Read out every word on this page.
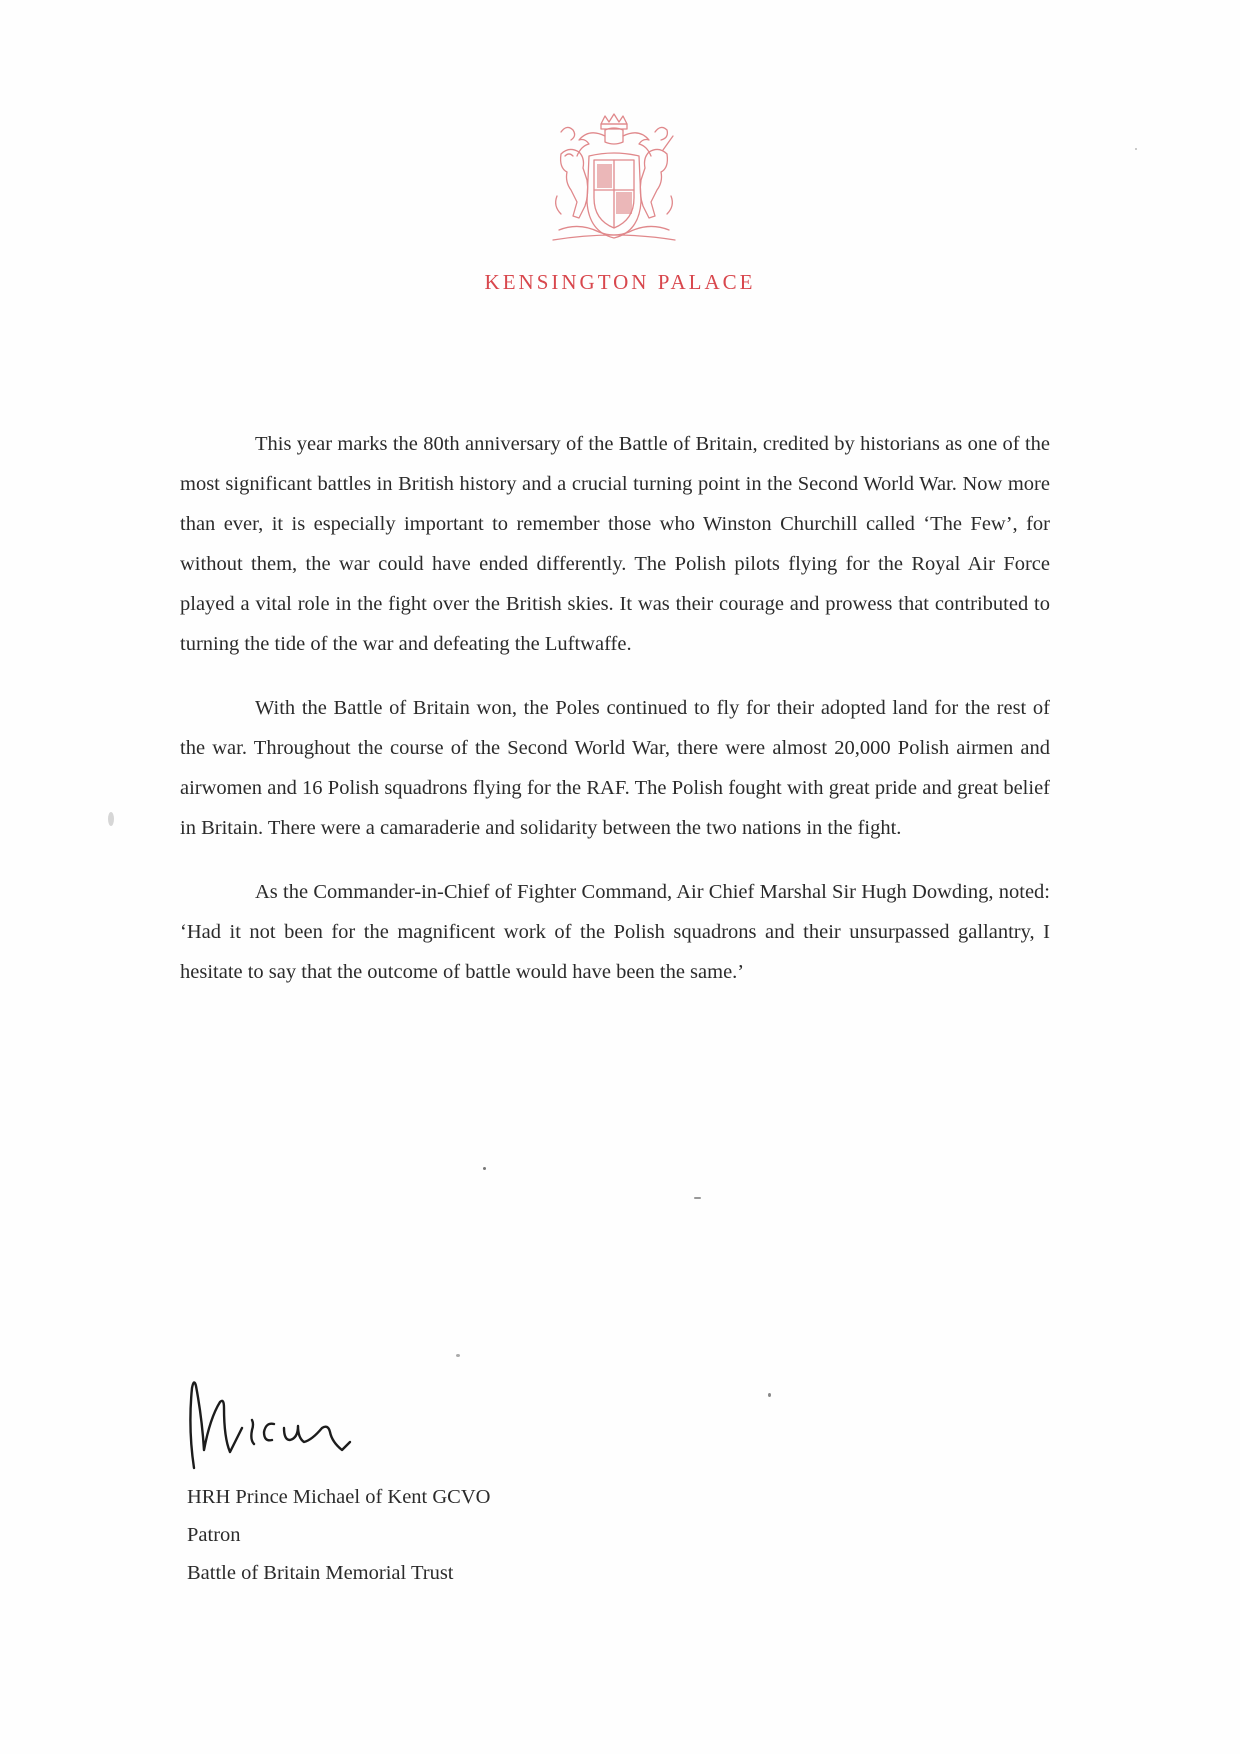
KENSINGTON PALACE

This year marks the 80th anniversary of the Battle of Britain, credited by historians as one of the most significant battles in British history and a crucial turning point in the Second World War. Now more than ever, it is especially important to remember those who Winston Churchill called ‘The Few’, for without them, the war could have ended differently. The Polish pilots flying for the Royal Air Force played a vital role in the fight over the British skies. It was their courage and prowess that contributed to turning the tide of the war and defeating the Luftwaffe.

With the Battle of Britain won, the Poles continued to fly for their adopted land for the rest of the war. Throughout the course of the Second World War, there were almost 20,000 Polish airmen and airwomen and 16 Polish squadrons flying for the RAF. The Polish fought with great pride and great belief in Britain. There were a camaraderie and solidarity between the two nations in the fight.

As the Commander-in-Chief of Fighter Command, Air Chief Marshal Sir Hugh Dowding, noted: ‘Had it not been for the magnificent work of the Polish squadrons and their unsurpassed gallantry, I hesitate to say that the outcome of battle would have been the same.’

HRH Prince Michael of Kent GCVO
Patron
Battle of Britain Memorial Trust
